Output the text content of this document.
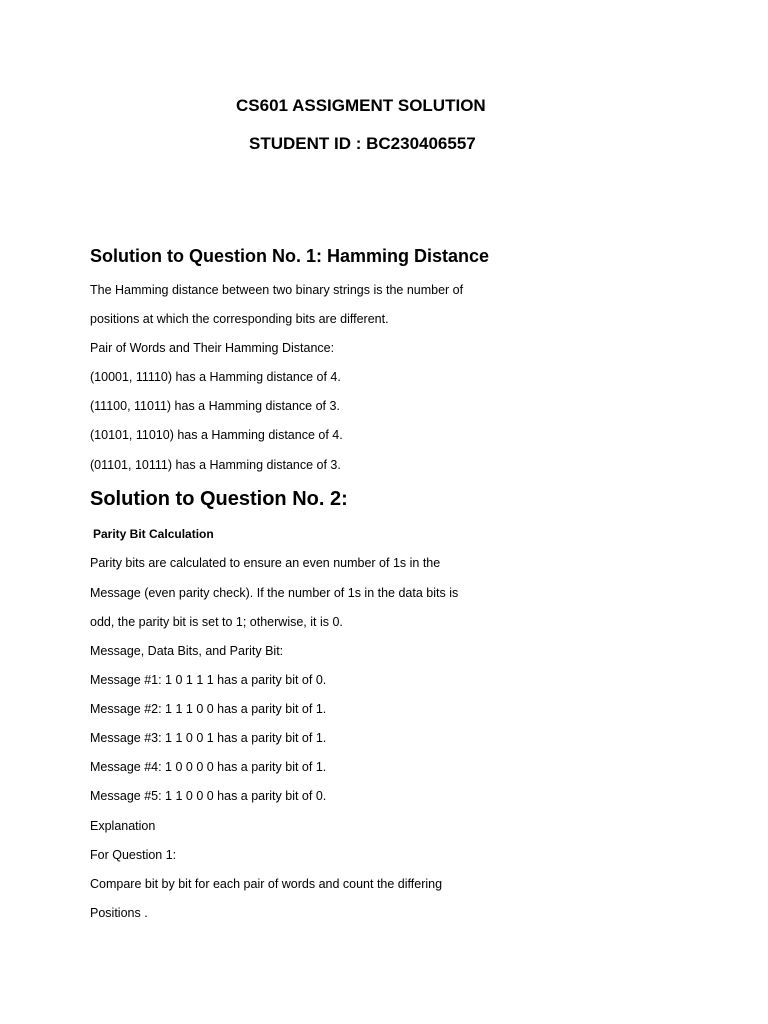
CS601 ASSIGMENT SOLUTION
STUDENT ID : BC230406557
Solution to Question No. 1: Hamming Distance
The Hamming distance between two binary strings is the number of
positions at which the corresponding bits are different.
Pair of Words and Their Hamming Distance:
(10001, 11110) has a Hamming distance of 4.
(11100, 11011) has a Hamming distance of 3.
(10101, 11010) has a Hamming distance of 4.
(01101, 10111) has a Hamming distance of 3.
Solution to Question No. 2:
Parity Bit Calculation
Parity bits are calculated to ensure an even number of 1s in the
Message (even parity check). If the number of 1s in the data bits is
odd, the parity bit is set to 1; otherwise, it is 0.
Message, Data Bits, and Parity Bit:
Message #1: 1 0 1 1 1 has a parity bit of 0.
Message #2: 1 1 1 0 0 has a parity bit of 1.
Message #3: 1 1 0 0 1 has a parity bit of 1.
Message #4: 1 0 0 0 0 has a parity bit of 1.
Message #5: 1 1 0 0 0 has a parity bit of 0.
Explanation
For Question 1:
Compare bit by bit for each pair of words and count the differing
Positions .
